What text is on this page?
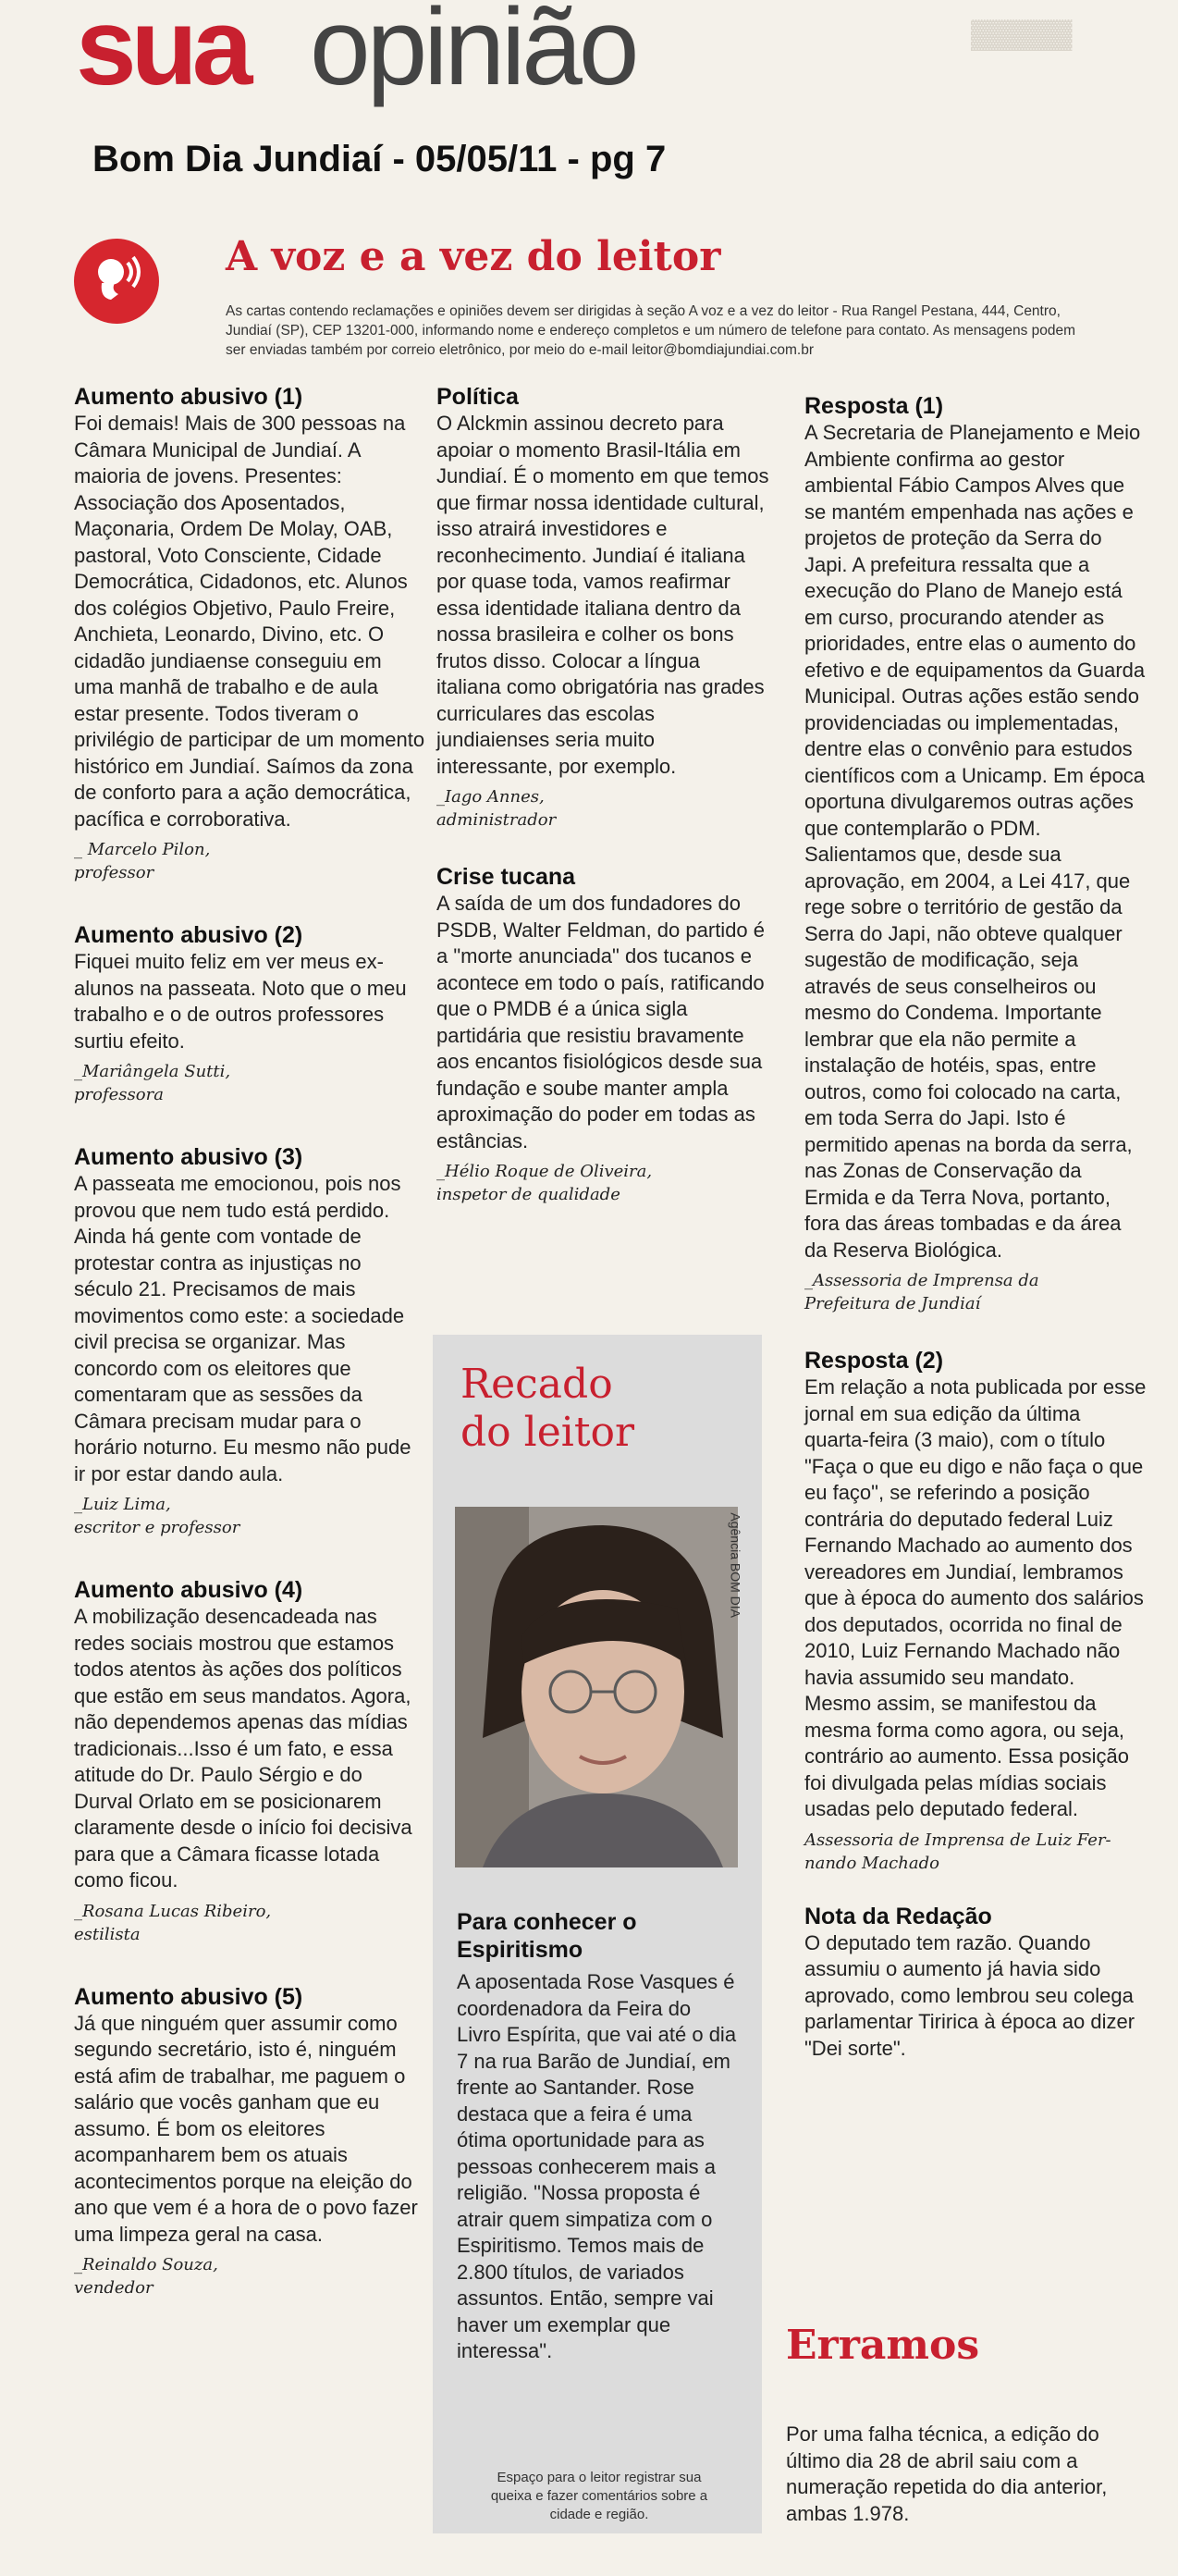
▓▓▓▓▓
sua opinião
Bom Dia Jundiaí - 05/05/11 - pg 7
A voz e a vez do leitor
As cartas contendo reclamações e opiniões devem ser dirigidas à seção A voz e a vez do leitor - Rua Rangel Pestana, 444, Centro, Jundiaí (SP), CEP 13201-000, informando nome e endereço completos e um número de telefone para contato. As mensagens podem ser enviadas também por correio eletrônico, por meio do e-mail leitor@bomdiajundiai.com.br
Aumento abusivo (1)

Foi demais! Mais de 300 pessoas na Câmara Municipal de Jundiaí. A maioria de jovens. Presentes: Associação dos Aposentados, Maçonaria, Ordem De Molay, OAB, pastoral, Voto Consciente, Cidade Democrática, Cidadonos, etc. Alunos dos colégios Objetivo, Paulo Freire, Anchieta, Leonardo, Divino, etc. O cidadão jundiaense conseguiu em uma manhã de trabalho e de aula estar presente. Todos tiveram o privilégio de participar de um momento histórico em Jundiaí. Saímos da zona de conforto para a ação democrática, pacífica e corroborativa.

_ Marcelo Pilon,
professor
Aumento abusivo (2)

Fiquei muito feliz em ver meus ex-alunos na passeata. Noto que o meu trabalho e o de outros professores surtiu efeito.

_Mariângela Sutti,
professora
Aumento abusivo (3)

A passeata me emocionou, pois nos provou que nem tudo está perdido. Ainda há gente com vontade de protestar contra as injustiças no século 21. Precisamos de mais movimentos como este: a sociedade civil precisa se organizar. Mas concordo com os eleitores que comentaram que as sessões da Câmara precisam mudar para o horário noturno. Eu mesmo não pude ir por estar dando aula.

_Luiz Lima,
escritor e professor
Aumento abusivo (4)

A mobilização desencadeada nas redes sociais mostrou que estamos todos atentos às ações dos políticos que estão em seus mandatos. Agora, não dependemos apenas das mídias tradicionais...Isso é um fato, e essa atitude do Dr. Paulo Sérgio e do Durval Orlato em se posicionarem claramente desde o início foi decisiva para que a Câmara ficasse lotada como ficou.

_Rosana Lucas Ribeiro,
estilista
Aumento abusivo (5)

Já que ninguém quer assumir como segundo secretário, isto é, ninguém está afim de trabalhar, me paguem o salário que vocês ganham que eu assumo. É bom os eleitores acompanharem bem os atuais acontecimentos porque na eleição do ano que vem é a hora de o povo fazer uma limpeza geral na casa.

_Reinaldo Souza,
vendedor
Política

O Alckmin assinou decreto para apoiar o momento Brasil-Itália em Jundiaí. É o momento em que temos que firmar nossa identidade cultural, isso atrairá investidores e reconhecimento. Jundiaí é italiana por quase toda, vamos reafirmar essa identidade italiana dentro da nossa brasileira e colher os bons frutos disso. Colocar a língua italiana como obrigatória nas grades curriculares das escolas jundiaienses seria muito interessante, por exemplo.

_Iago Annes,
administrador
Crise tucana

A saída de um dos fundadores do PSDB, Walter Feldman, do partido é a "morte anunciada" dos tucanos e acontece em todo o país, ratificando que o PMDB é a única sigla partidária que resistiu bravamente aos encantos fisiológicos desde sua fundação e soube manter ampla aproximação do poder em todas as estâncias.

_Hélio Roque de Oliveira,
inspetor de qualidade
Recado
do leitor
Agência BOM DIA
Para conhecer o Espiritismo

A aposentada Rose Vasques é coordenadora da Feira do Livro Espírita, que vai até o dia 7 na rua Barão de Jundiaí, em frente ao Santander. Rose destaca que a feira é uma ótima oportunidade para as pessoas conhecerem mais a religião. "Nossa proposta é atrair quem simpatiza com o Espiritismo. Temos mais de 2.800 títulos, de variados assuntos. Então, sempre vai haver um exemplar que interessa".

Espaço para o leitor registrar sua queixa e fazer comentários sobre a cidade e região.
Resposta (1)

A Secretaria de Planejamento e Meio Ambiente confirma ao gestor ambiental Fábio Campos Alves que se mantém empenhada nas ações e projetos de proteção da Serra do Japi. A prefeitura ressalta que a execução do Plano de Manejo está em curso, procurando atender as prioridades, entre elas o aumento do efetivo e de equipamentos da Guarda Municipal. Outras ações estão sendo providenciadas ou implementadas, dentre elas o convênio para estudos científicos com a Unicamp. Em época oportuna divulgaremos outras ações que contemplarão o PDM. Salientamos que, desde sua aprovação, em 2004, a Lei 417, que rege sobre o território de gestão da Serra do Japi, não obteve qualquer sugestão de modificação, seja através de seus conselheiros ou mesmo do Condema. Importante lembrar que ela não permite a instalação de hotéis, spas, entre outros, como foi colocado na carta, em toda Serra do Japi. Isto é permitido apenas na borda da serra, nas Zonas de Conservação da Ermida e da Terra Nova, portanto, fora das áreas tombadas e da área da Reserva Biológica.

_Assessoria de Imprensa da
Prefeitura de Jundiaí
Resposta (2)

Em relação a nota publicada por esse jornal em sua edição da última quarta-feira (3 maio), com o título "Faça o que eu digo e não faça o que eu faço", se referindo a posição contrária do deputado federal Luiz Fernando Machado ao aumento dos vereadores em Jundiaí, lembramos que à época do aumento dos salários dos deputados, ocorrida no final de 2010, Luiz Fernando Machado não havia assumido seu mandato. Mesmo assim, se manifestou da mesma forma como agora, ou seja, contrário ao aumento. Essa posição foi divulgada pelas mídias sociais usadas pelo deputado federal.

Assessoria de Imprensa de Luiz Fer-
nando Machado
Nota da Redação

O deputado tem razão. Quando assumiu o aumento já havia sido aprovado, como lembrou seu colega parlamentar Tiririca à época ao dizer "Dei sorte".

Erramos
Por uma falha técnica, a edição do último dia 28 de abril saiu com a numeração repetida do dia anterior, ambas 1.978.
